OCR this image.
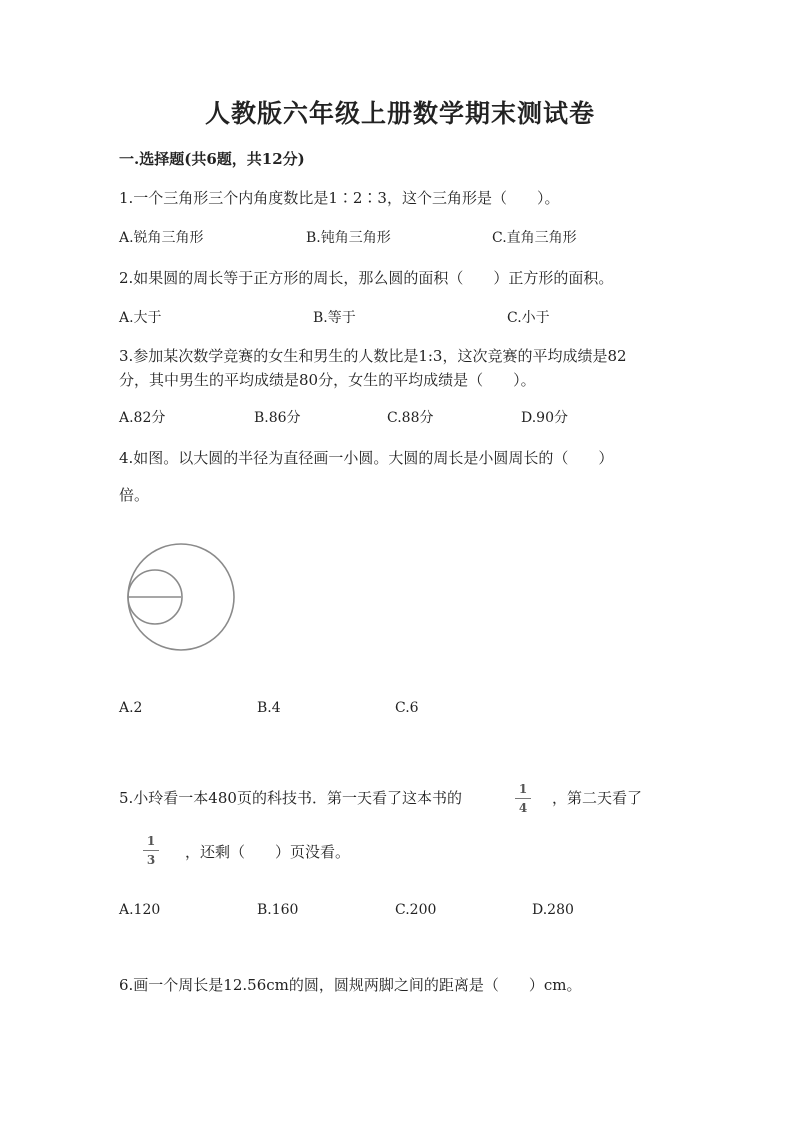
人教版六年级上册数学期末测试卷
一.选择题(共6题，共12分)
1.一个三角形三个内角度数比是1∶2∶3，这个三角形是（　　）。
A.锐角三角形	B.钝角三角形	C.直角三角形
2.如果圆的周长等于正方形的周长，那么圆的面积（　　）正方形的面积。
A.大于	B.等于	C.小于
3.参加某次数学竞赛的女生和男生的人数比是1:3，这次竞赛的平均成绩是82
分，其中男生的平均成绩是80分，女生的平均成绩是（　　）。
A.82分	B.86分	C.88分	D.90分
4.如图。以大圆的半径为直径画一小圆。大圆的周长是小圆周长的（　　）
倍。
A.2	B.4	C.6
5.小玲看一本480页的科技书．第一天看了这本书的	1
4
，第二天看了
1
3 ，还剩（　　）页没看。
A.120	B.160	C.200	D.280
6.画一个周长是12.56cm的圆，圆规两脚之间的距离是（　　）cm。
